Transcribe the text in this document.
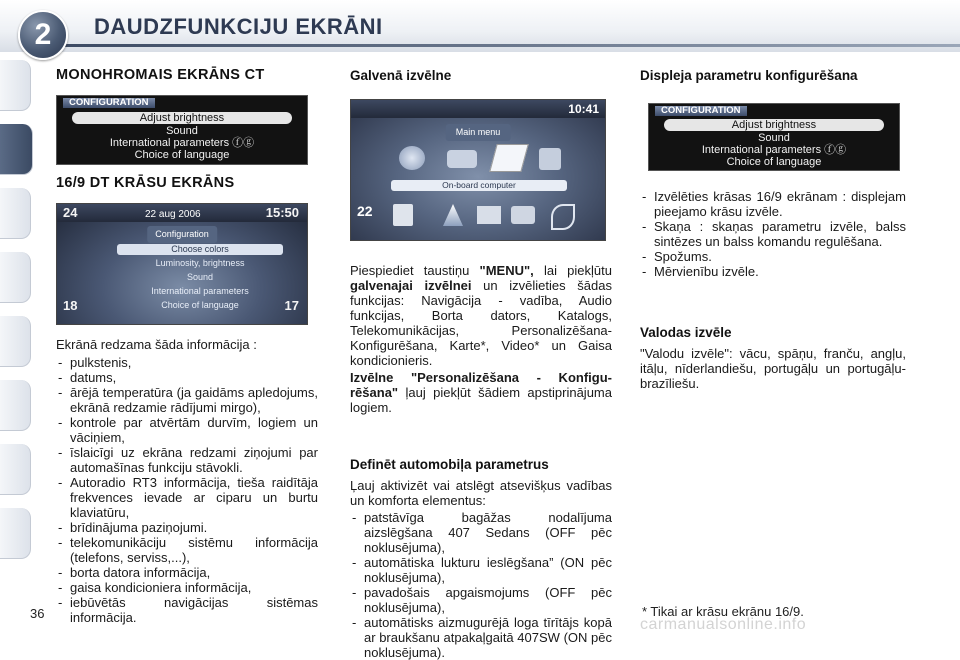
2	DAUDZFUNKCIJU EKRĀNI

MONOHROMAIS EKRĀNS CT

CONFIGURATION
Adjust brightness
Sound
International parameters ⓕⓖ
Choice of language

16/9 DT KRĀSU EKRĀNS

24	22 aug 2006	15:50
Configuration
Choose colors
Luminosity, brightness
Sound
International parameters
Choice of language
18	17

Ekrānā redzama šāda informācija :

- pulkstenis,
- datums,
- ārējā temperatūra (ja gaidāms apledojums, ekrānā redzamie rādījumi mirgo),
- kontrole par atvērtām durvīm, logiem un vāciņiem,
- īslaicīgi uz ekrāna redzami ziņojumi par automašīnas funkciju stāvokli.
- Autoradio RT3 informācija, tieša raidītāja frekvences ievade ar ciparu un burtu klaviatūru,
- brīdinājuma paziņojumi.
- telekomunikāciju sistēmu informācija (telefons, serviss,...),
- borta datora informācija,
- gaisa kondicioniera informācija,
- iebūvētās navigācijas sistēmas informācija.

Galvenā izvēlne

10:41
Main menu
On-board computer
22

Piespiediet taustiņu "MENU", lai piekļūtu galvenajai izvēlnei un izvēlieties šādas funkcijas: Navigācija - vadība, Audio funkcijas, Borta dators, Katalogs, Telekomunikācijas, Personalizēšana- Konfigurēšana, Karte*, Video* un Gaisa kondicionieris.

Izvēlne "Personalizēšana - Konfigurēšana" ļauj piekļūt šādiem apstiprinājuma logiem.

Definēt automobiļa parametrus

Ļauj aktivizēt vai atslēgt atsevišķus vadības un komforta elementus:

- patstāvīga bagāžas nodalījuma aizslēgšana 407 Sedans (OFF pēc noklusējuma),
- automātiska lukturu ieslēgšana” (ON pēc noklusējuma),
- pavadošais apgaismojums (OFF pēc noklusējuma),
- automātisks aizmugurējā loga tīrītājs kopā ar braukšanu atpakaļgaitā 407SW (ON pēc noklusējuma).

Displeja parametru konfigurēšana

CONFIGURATION
Adjust brightness
Sound
International parameters ⓕⓖ
Choice of language
- Izvēlēties krāsas 16/9 ekrānam : displejam pieejamo krāsu izvēle.
- Skaņa : skaņas parametru izvēle, balss sintēzes un balss komandu regulēšana.
- Spožums.
- Mērvienību izvēle.

Valodas izvēle

"Valodu izvēle": vācu, spāņu, franču, angļu, itāļu, nīderlandiešu, portugāļu un portugāļu-brazīliešu.

36	* Tikai ar krāsu ekrānu 16/9.
carmanualsonline.info
